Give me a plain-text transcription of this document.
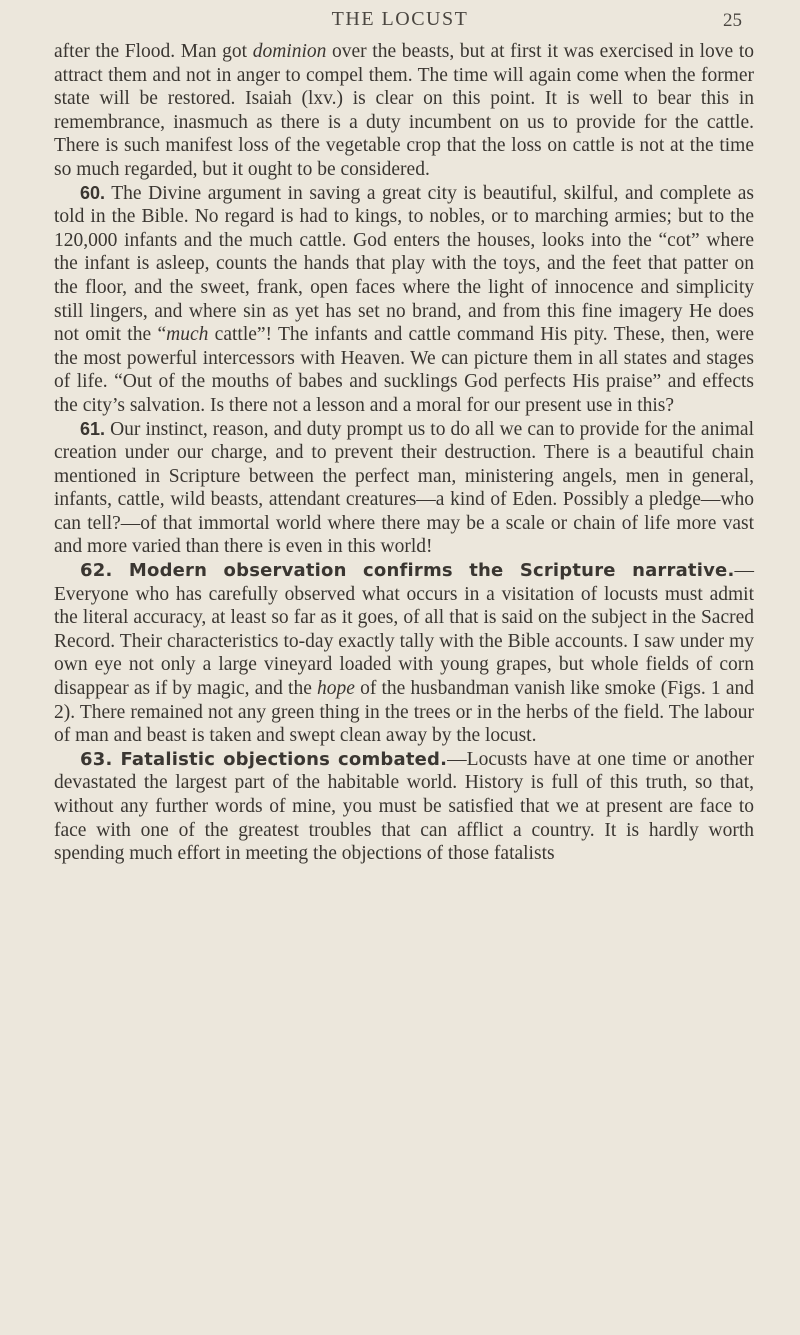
THE LOCUST	25

after the Flood. Man got dominion over the beasts, but at first it was exercised in love to attract them and not in anger to compel them. The time will again come when the former state will be restored. Isaiah (lxv.) is clear on this point. It is well to bear this in remembrance, inasmuch as there is a duty incumbent on us to provide for the cattle. There is such manifest loss of the vegetable crop that the loss on cattle is not at the time so much regarded, but it ought to be considered.

60. The Divine argument in saving a great city is beautiful, skilful, and complete as told in the Bible. No regard is had to kings, to nobles, or to marching armies; but to the 120,000 infants and the much cattle. God enters the houses, looks into the “cot” where the infant is asleep, counts the hands that play with the toys, and the feet that patter on the floor, and the sweet, frank, open faces where the light of innocence and simplicity still lingers, and where sin as yet has set no brand, and from this fine imagery He does not omit the “much cattle”! The infants and cattle command His pity. These, then, were the most powerful intercessors with Heaven. We can picture them in all states and stages of life. “Out of the mouths of babes and sucklings God perfects His praise” and effects the city’s salvation. Is there not a lesson and a moral for our present use in this?

61. Our instinct, reason, and duty prompt us to do all we can to provide for the animal creation under our charge, and to prevent their destruction. There is a beautiful chain mentioned in Scripture between the perfect man, ministering angels, men in general, infants, cattle, wild beasts, attendant creatures—a kind of Eden. Possibly a pledge—who can tell?—of that immortal world where there may be a scale or chain of life more vast and more varied than there is even in this world!

62. Modern observation confirms the Scripture narrative.—Everyone who has carefully observed what occurs in a visitation of locusts must admit the literal accuracy, at least so far as it goes, of all that is said on the subject in the Sacred Record. Their characteristics to-day exactly tally with the Bible accounts. I saw under my own eye not only a large vineyard loaded with young grapes, but whole fields of corn disappear as if by magic, and the hope of the husbandman vanish like smoke (Figs. 1 and 2). There remained not any green thing in the trees or in the herbs of the field. The labour of man and beast is taken and swept clean away by the locust.

63. Fatalistic objections combated.—Locusts have at one time or another devastated the largest part of the habitable world. History is full of this truth, so that, without any further words of mine, you must be satisfied that we at present are face to face with one of the greatest troubles that can afflict a country. It is hardly worth spending much effort in meeting the objections of those fatalists
